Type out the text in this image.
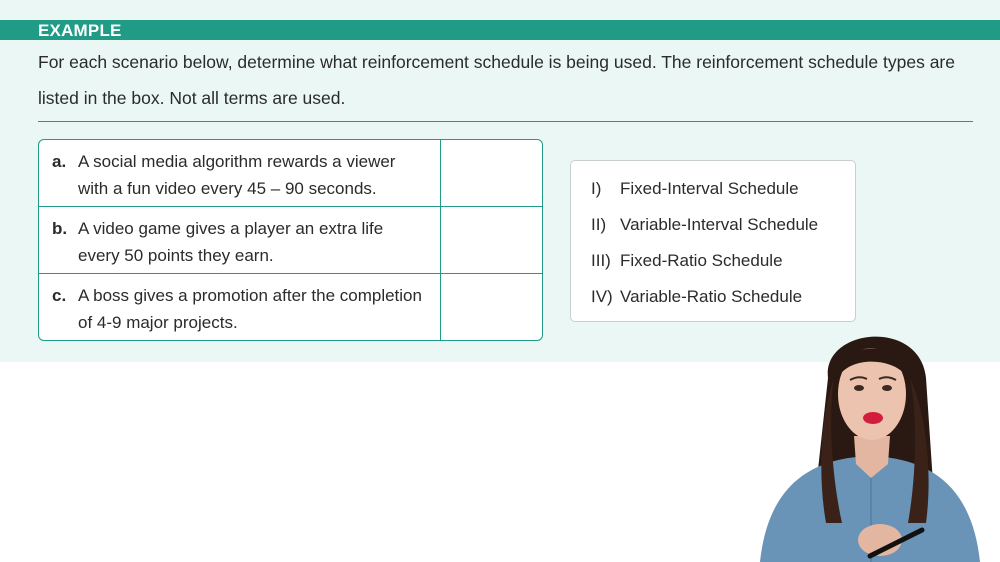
EXAMPLE

For each scenario below, determine what reinforcement schedule is being used. The reinforcement schedule types are listed in the box. Not all terms are used.

a. A social media algorithm rewards a viewer with a fun video every 45 – 90 seconds.
b. A video game gives a player an extra life every 50 points they earn.
c. A boss gives a promotion after the completion of 4-9 major projects.
I) Fixed-Interval Schedule
II) Variable-Interval Schedule
III) Fixed-Ratio Schedule
IV) Variable-Ratio Schedule
